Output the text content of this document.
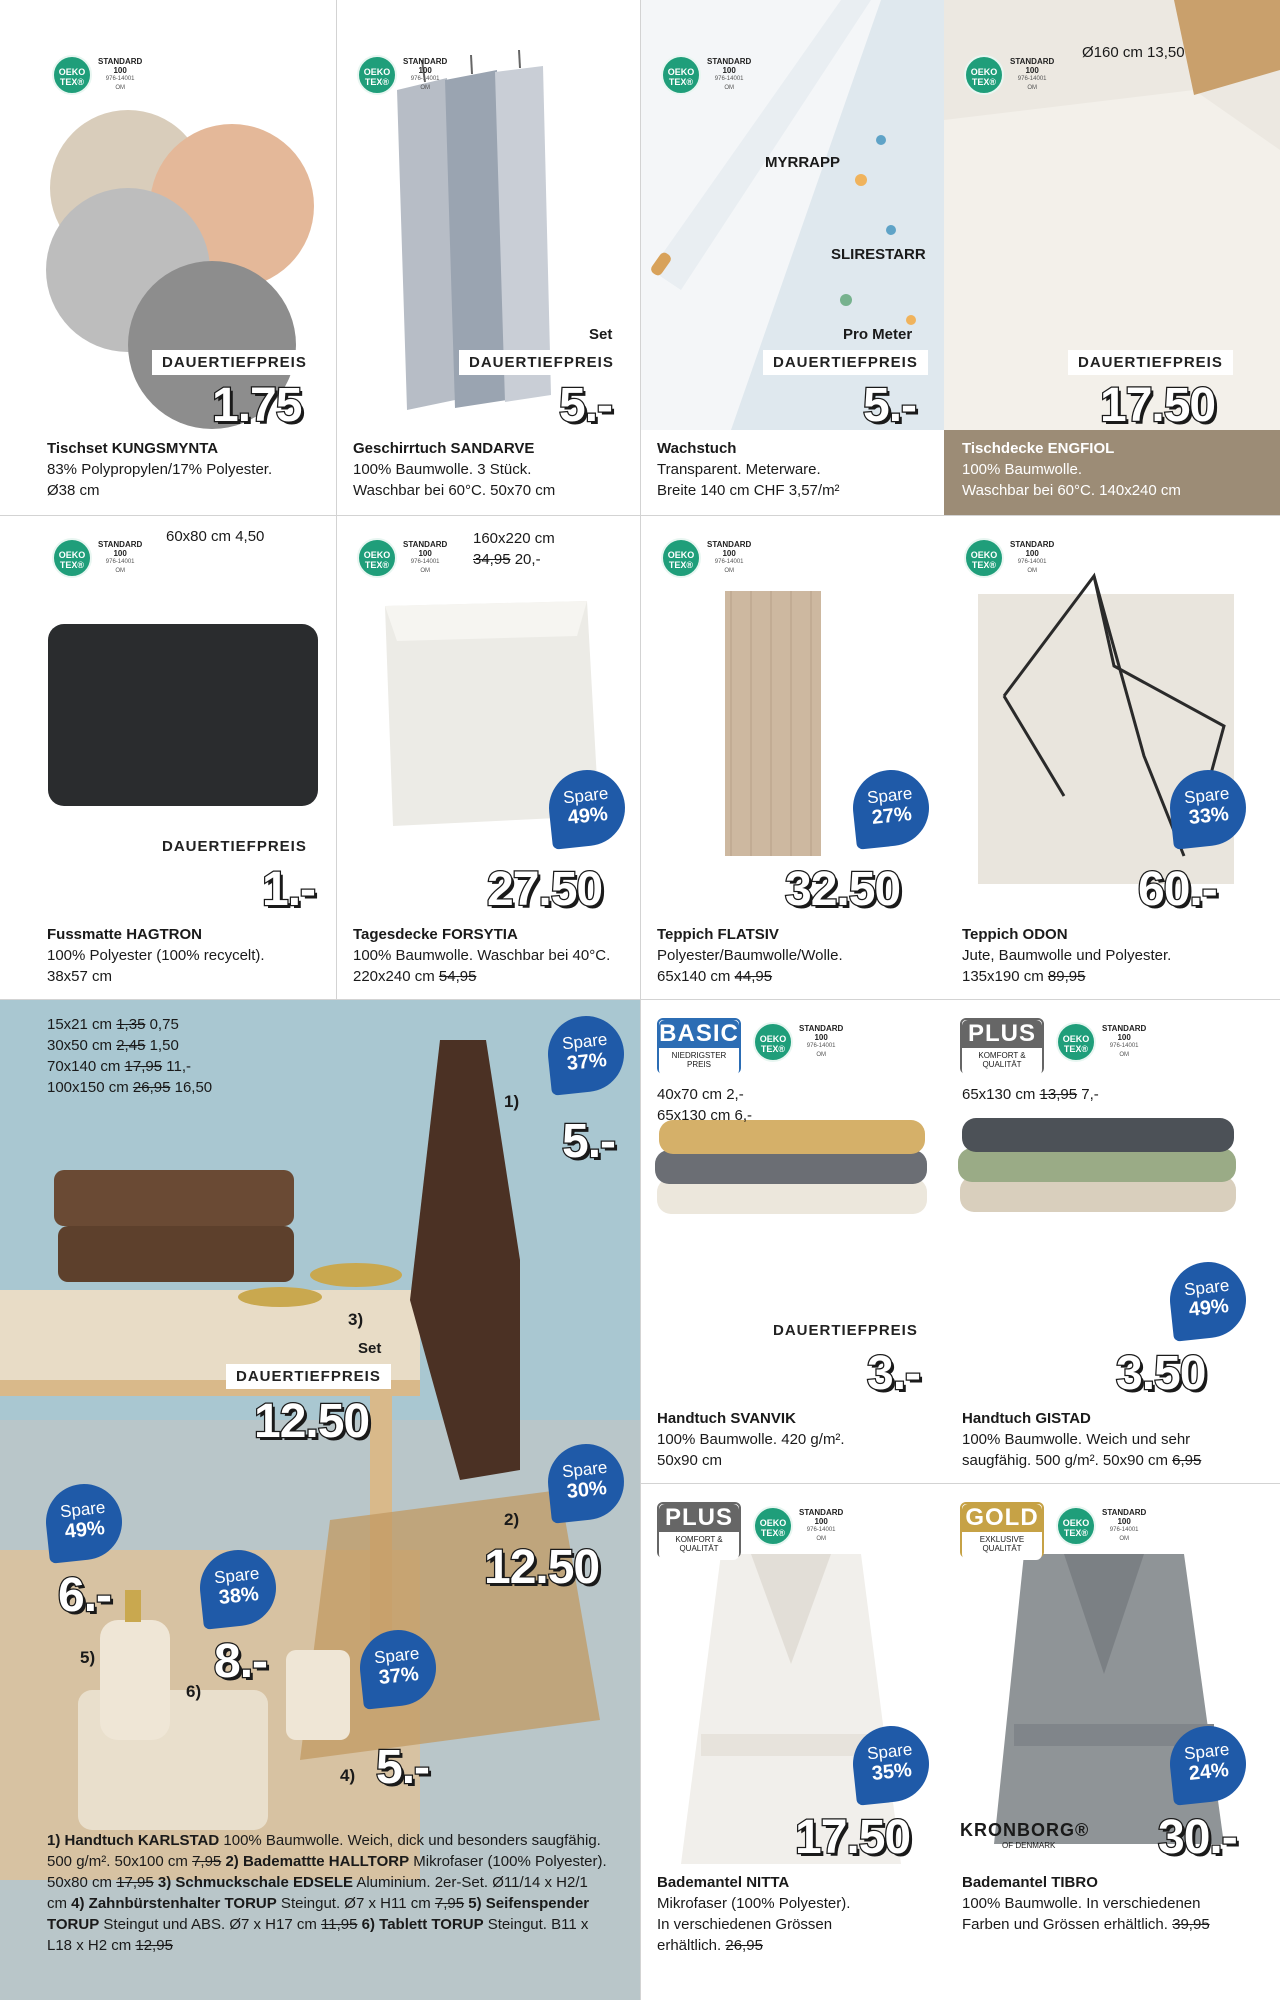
OEKO TEX®
STANDARD
100
976-14001
OM
DAUERTIEFPREIS
1.75
Tischset KUNGSMYNTA
83% Polypropylen/17% Polyester.
Ø38 cm
OEKO TEX®
STANDARD
100
976-14001
OM
Set
DAUERTIEFPREIS
5.-
Geschirrtuch SANDARVE
100% Baumwolle. 3 Stück.
Waschbar bei 60°C. 50x70 cm
OEKO TEX®
STANDARD
100
976-14001
OM
MYRRAPP
SLIRESTARR
Pro Meter
DAUERTIEFPREIS
5.-
Wachstuch
Transparent. Meterware.
Breite 140 cm CHF 3,57/m²
OEKO TEX®
STANDARD
100
976-14001
OM
Ø160 cm 13,50
DAUERTIEFPREIS
17.50
Tischdecke ENGFIOL
100% Baumwolle.
Waschbar bei 60°C. 140x240 cm
OEKO TEX®
STANDARD
100
976-14001
OM
60x80 cm 4,50
DAUERTIEFPREIS
1.-
Fussmatte HAGTRON
100% Polyester (100% recycelt).
38x57 cm
OEKO TEX®
STANDARD
100
976-14001
OM
160x220 cm
34,95 20,-
Spare
49%
27.50
Tagesdecke FORSYTIA
100% Baumwolle. Waschbar bei 40°C.
220x240 cm 54,95
OEKO TEX®
STANDARD
100
976-14001
OM
Spare
27%
32.50
Teppich FLATSIV
Polyester/Baumwolle/Wolle.
65x140 cm 44,95
OEKO TEX®
STANDARD
100
976-14001
OM
Spare
33%
60.-
Teppich ODON
Jute, Baumwolle und Polyester.
135x190 cm 89,95
15x21 cm 1,35 0,75
30x50 cm 2,45 1,50
70x140 cm 17,95 11,-
100x150 cm 26,95 16,50
Spare
37%
1)
5.-
3)
Set
DAUERTIEFPREIS
12.50
Spare
30%
2)
12.50
Spare
49%
6.-
5)
Spare
38%
8.-
6)
Spare
37%
4) 5.-
1) Handtuch KARLSTAD 100% Baumwolle. Weich, dick und besonders saugfähig. 500 g/m². 50x100 cm 7,95 2) Bademattte HALLTORP Mikrofaser (100% Polyester). 50x80 cm 17,95 3) Schmuckschale EDSELE Aluminium. 2er-Set. Ø11/14 x H2/1 cm 4) Zahnbürstenhalter TORUP Steingut. Ø7 x H11 cm 7,95 5) Seifenspender TORUP Steingut und ABS. Ø7 x H17 cm 11,95 6) Tablett TORUP Steingut. B11 x L18 x H2 cm 12,95
BASIC
NIEDRIGSTER PREIS
OEKO TEX®
STANDARD
100
976-14001
OM
40x70 cm 2,-
65x130 cm 6,-
DAUERTIEFPREIS
3.-
Handtuch SVANVIK
100% Baumwolle. 420 g/m².
50x90 cm
PLUS
KOMFORT & QUALITÄT
OEKO TEX®
STANDARD
100
976-14001
OM
65x130 cm 13,95 7,-
Spare
49%
3.50
Handtuch GISTAD
100% Baumwolle. Weich und sehr
saugfähig. 500 g/m². 50x90 cm 6,95
PLUS
KOMFORT & QUALITÄT
OEKO TEX®
STANDARD
100
976-14001
OM
Spare
35%
17.50
Bademantel NITTA
Mikrofaser (100% Polyester).
In verschiedenen Grössen
erhältlich. 26,95
GOLD
EXKLUSIVE QUALITÄT
OEKO TEX®
STANDARD
100
976-14001
OM
Spare
24%
KRONBORG®
OF DENMARK	30.-
Bademantel TIBRO
100% Baumwolle. In verschiedenen
Farben und Grössen erhältlich. 39,95
